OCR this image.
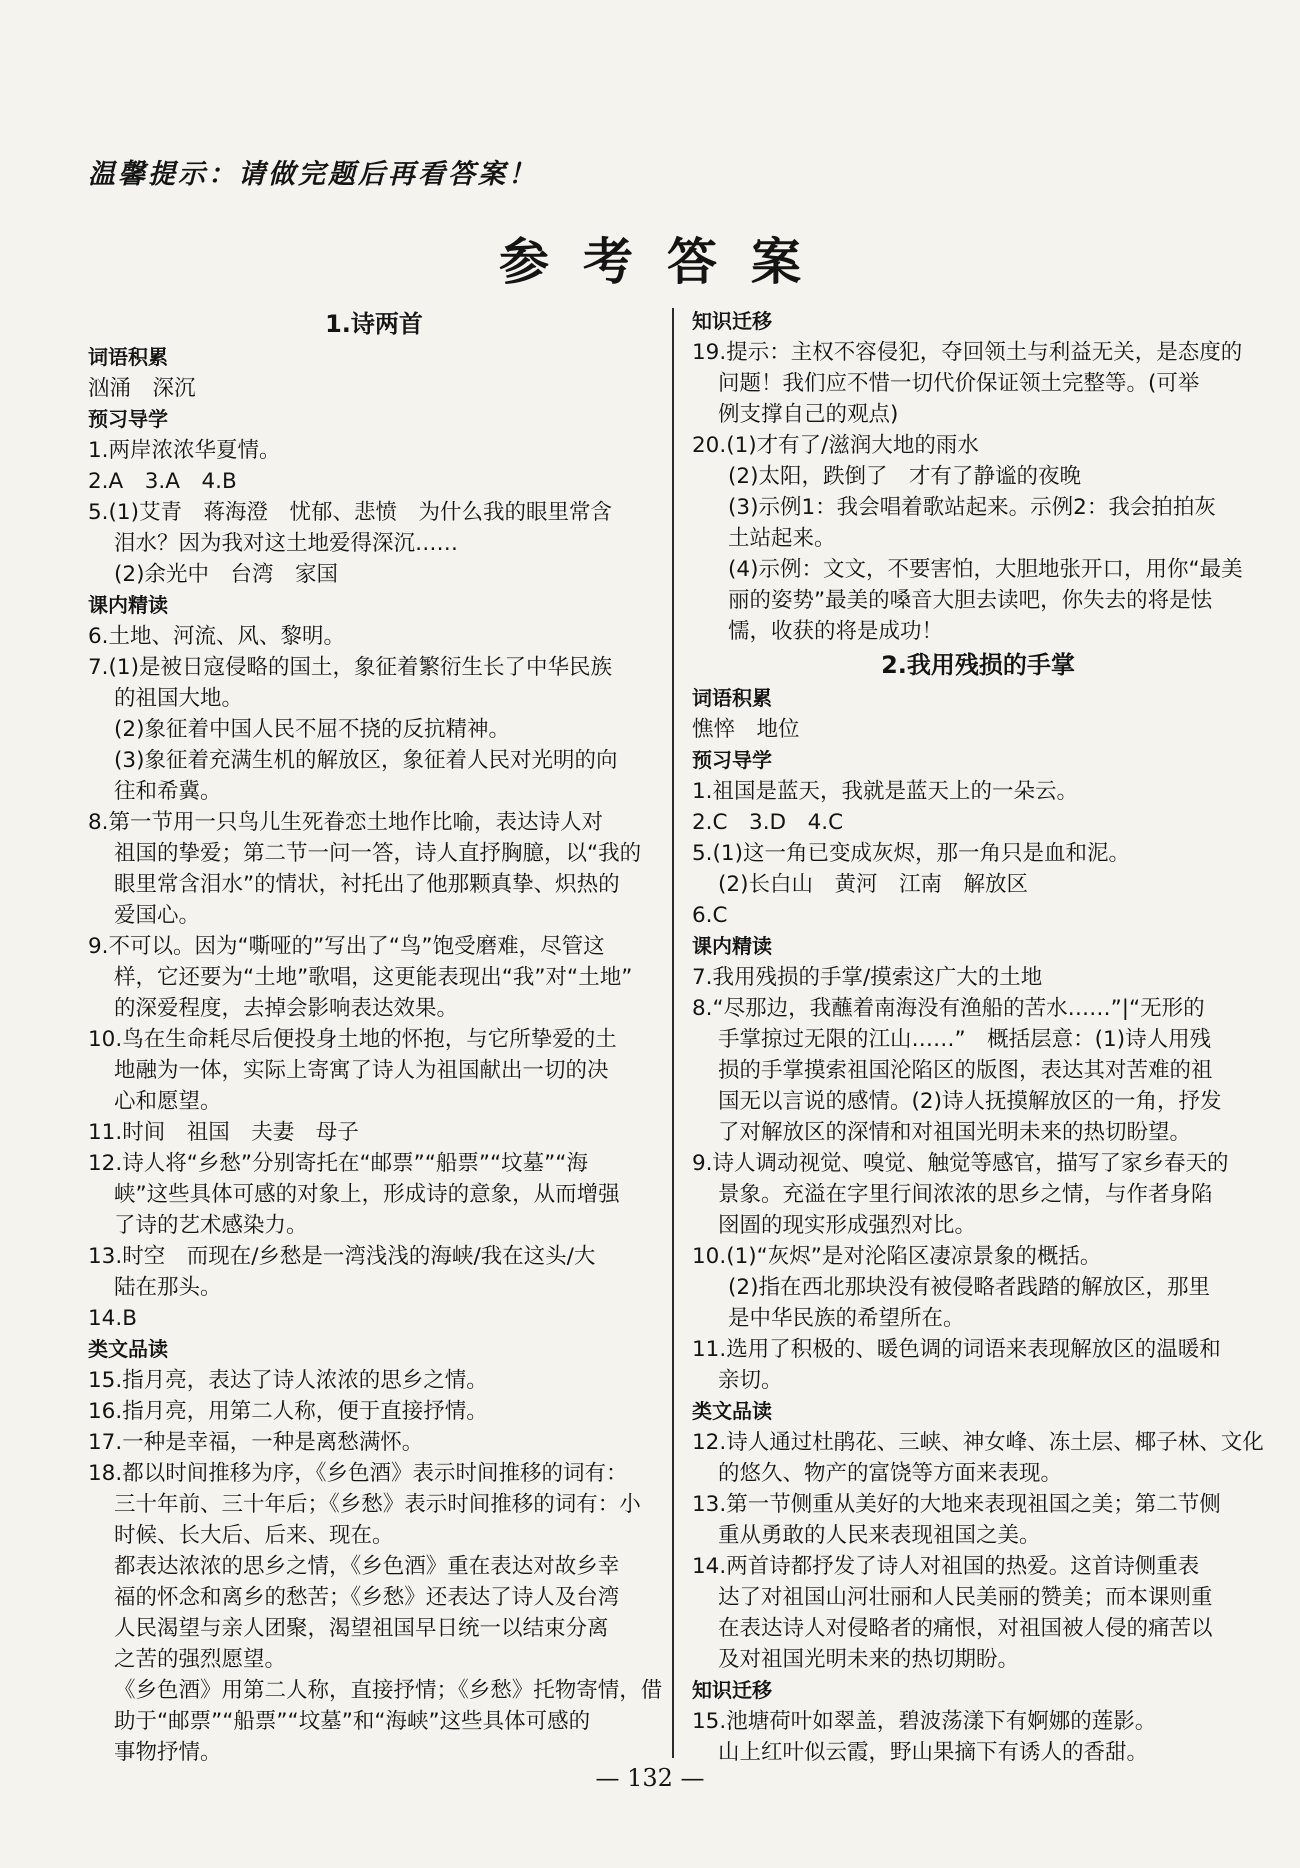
温馨提示：请做完题后再看答案！
参考答案
1.诗两首
词语积累
汹涌　深沉
预习导学
1.两岸浓浓华夏情。
2.A　3.A　4.B
5.(1)艾青　蒋海澄　忧郁、悲愤　为什么我的眼里常含
泪水？因为我对这土地爱得深沉……
(2)余光中　台湾　家国
课内精读
6.土地、河流、风、黎明。
7.(1)是被日寇侵略的国土，象征着繁衍生长了中华民族
的祖国大地。
(2)象征着中国人民不屈不挠的反抗精神。
(3)象征着充满生机的解放区，象征着人民对光明的向
往和希冀。
8.第一节用一只鸟儿生死眷恋土地作比喻，表达诗人对
祖国的挚爱；第二节一问一答，诗人直抒胸臆，以“我的
眼里常含泪水”的情状，衬托出了他那颗真挚、炽热的
爱国心。
9.不可以。因为“嘶哑的”写出了“鸟”饱受磨难，尽管这
样，它还要为“土地”歌唱，这更能表现出“我”对“土地”
的深爱程度，去掉会影响表达效果。
10.鸟在生命耗尽后便投身土地的怀抱，与它所挚爱的土
地融为一体，实际上寄寓了诗人为祖国献出一切的决
心和愿望。
11.时间　祖国　夫妻　母子
12.诗人将“乡愁”分别寄托在“邮票”“船票”“坟墓”“海
峡”这些具体可感的对象上，形成诗的意象，从而增强
了诗的艺术感染力。
13.时空　而现在/乡愁是一湾浅浅的海峡/我在这头/大
陆在那头。
14.B
类文品读
15.指月亮，表达了诗人浓浓的思乡之情。
16.指月亮，用第二人称，便于直接抒情。
17.一种是幸福，一种是离愁满怀。
18.都以时间推移为序，《乡色酒》表示时间推移的词有：
三十年前、三十年后；《乡愁》表示时间推移的词有：小
时候、长大后、后来、现在。
都表达浓浓的思乡之情，《乡色酒》重在表达对故乡幸
福的怀念和离乡的愁苦；《乡愁》还表达了诗人及台湾
人民渴望与亲人团聚，渴望祖国早日统一以结束分离
之苦的强烈愿望。
《乡色酒》用第二人称，直接抒情；《乡愁》托物寄情，借
助于“邮票”“船票”“坟墓”和“海峡”这些具体可感的
事物抒情。
知识迁移
19.提示：主权不容侵犯，夺回领土与利益无关，是态度的
问题！我们应不惜一切代价保证领土完整等。(可举
例支撑自己的观点)
20.(1)才有了/滋润大地的雨水
(2)太阳，跌倒了　才有了静谧的夜晚
(3)示例1：我会唱着歌站起来。示例2：我会拍拍灰
土站起来。
(4)示例：文文，不要害怕，大胆地张开口，用你“最美
丽的姿势”最美的嗓音大胆去读吧，你失去的将是怯
懦，收获的将是成功！
2.我用残损的手掌
词语积累
憔悴　地位
预习导学
1.祖国是蓝天，我就是蓝天上的一朵云。
2.C　3.D　4.C
5.(1)这一角已变成灰烬，那一角只是血和泥。
(2)长白山　黄河　江南　解放区
6.C
课内精读
7.我用残损的手掌/摸索这广大的土地
8.“尽那边，我蘸着南海没有渔船的苦水……”|“无形的
手掌掠过无限的江山……”　概括层意：(1)诗人用残
损的手掌摸索祖国沦陷区的版图，表达其对苦难的祖
国无以言说的感情。(2)诗人抚摸解放区的一角，抒发
了对解放区的深情和对祖国光明未来的热切盼望。
9.诗人调动视觉、嗅觉、触觉等感官，描写了家乡春天的
景象。充溢在字里行间浓浓的思乡之情，与作者身陷
囹圄的现实形成强烈对比。
10.(1)“灰烬”是对沦陷区凄凉景象的概括。
(2)指在西北那块没有被侵略者践踏的解放区，那里
是中华民族的希望所在。
11.选用了积极的、暖色调的词语来表现解放区的温暖和
亲切。
类文品读
12.诗人通过杜鹃花、三峡、神女峰、冻土层、椰子林、文化
的悠久、物产的富饶等方面来表现。
13.第一节侧重从美好的大地来表现祖国之美；第二节侧
重从勇敢的人民来表现祖国之美。
14.两首诗都抒发了诗人对祖国的热爱。这首诗侧重表
达了对祖国山河壮丽和人民美丽的赞美；而本课则重
在表达诗人对侵略者的痛恨，对祖国被人侵的痛苦以
及对祖国光明未来的热切期盼。
知识迁移
15.池塘荷叶如翠盖，碧波荡漾下有婀娜的莲影。
山上红叶似云霞，野山果摘下有诱人的香甜。
— 132 —
